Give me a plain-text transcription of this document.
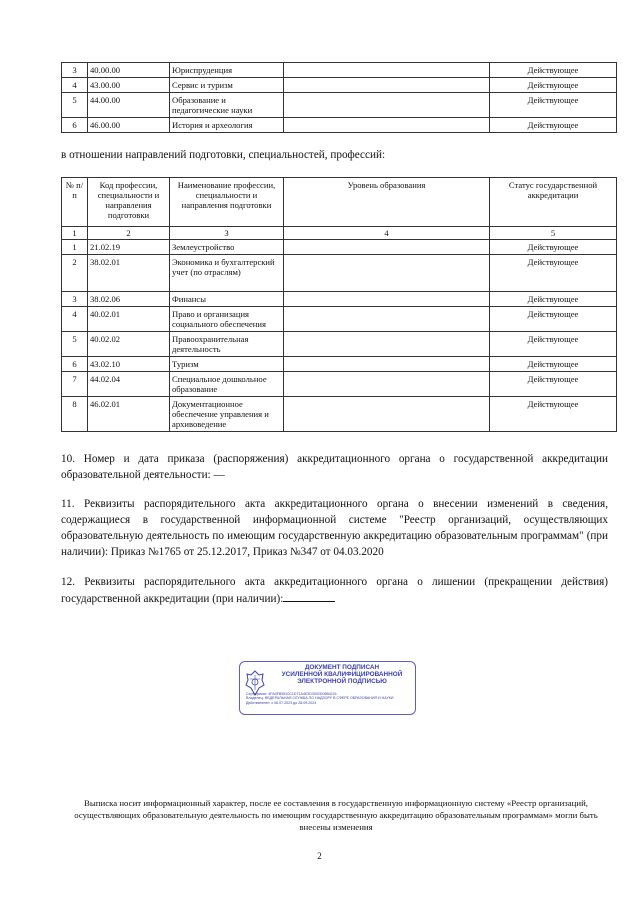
3	40.00.00	Юриспруденция		Действующее
4	43.00.00	Сервис и туризм		Действующее
5	44.00.00	Образование и педагогические науки		Действующее
6	46.00.00	История и археология		Действующее
в отношении направлений подготовки, специальностей, профессий:
№ п/п	Код профессии, специальности и направления подготовки	Наименование профессии, специальности и направления подготовки	Уровень образования	Статус государственной аккредитации
1	2	3	4	5
1	21.02.19	Землеустройство		Действующее
2	38.02.01	Экономика и бухгалтерский учет (по отраслям)		Действующее
3	38.02.06	Финансы		Действующее
4	40.02.01	Право и организация социального обеспечения		Действующее
5	40.02.02	Правоохранительная деятельность		Действующее
6	43.02.10	Туризм		Действующее
7	44.02.04	Специальное дошкольное образование		Действующее
8	46.02.01	Документационное обеспечение управления и архивоведение		Действующее
10. Номер и дата приказа (распоряжения) аккредитационного органа о государственной аккредитации образовательной деятельности: —
11. Реквизиты распорядительного акта аккредитационного органа о внесении изменений в сведения, содержащиеся в государственной информационной системе "Реестр организаций, осуществляющих образовательную деятельность по имеющим государственную аккредитацию образовательным программам" (при наличии): Приказ №1765 от 25.12.2017, Приказ №347 от 04.03.2020
12. Реквизиты распорядительного акта аккредитационного органа о лишении (прекращении действия) государственной аккредитации (при наличии):
ДОКУМЕНТ ПОДПИСАН
УСИЛЕННОЙ КВАЛИФИЦИРОВАННОЙ
ЭЛЕКТРОННОЙ ПОДПИСЬЮ
Сертификат: 4FA0FB5510C1D71A4E3D3002D06B4101
Владелец: ФЕДЕРАЛЬНАЯ СЛУЖБА ПО НАДЗОРУ В СФЕРЕ ОБРАЗОВАНИЯ И НАУКИ
Действителен: с 06.07.2023 до 28.09.2024
Выписка носит информационный характер, после ее составления в государственную информационную систему «Реестр организаций, осуществляющих образовательную деятельность по имеющим государственную аккредитацию образовательным программам» могли быть внесены изменения
2
